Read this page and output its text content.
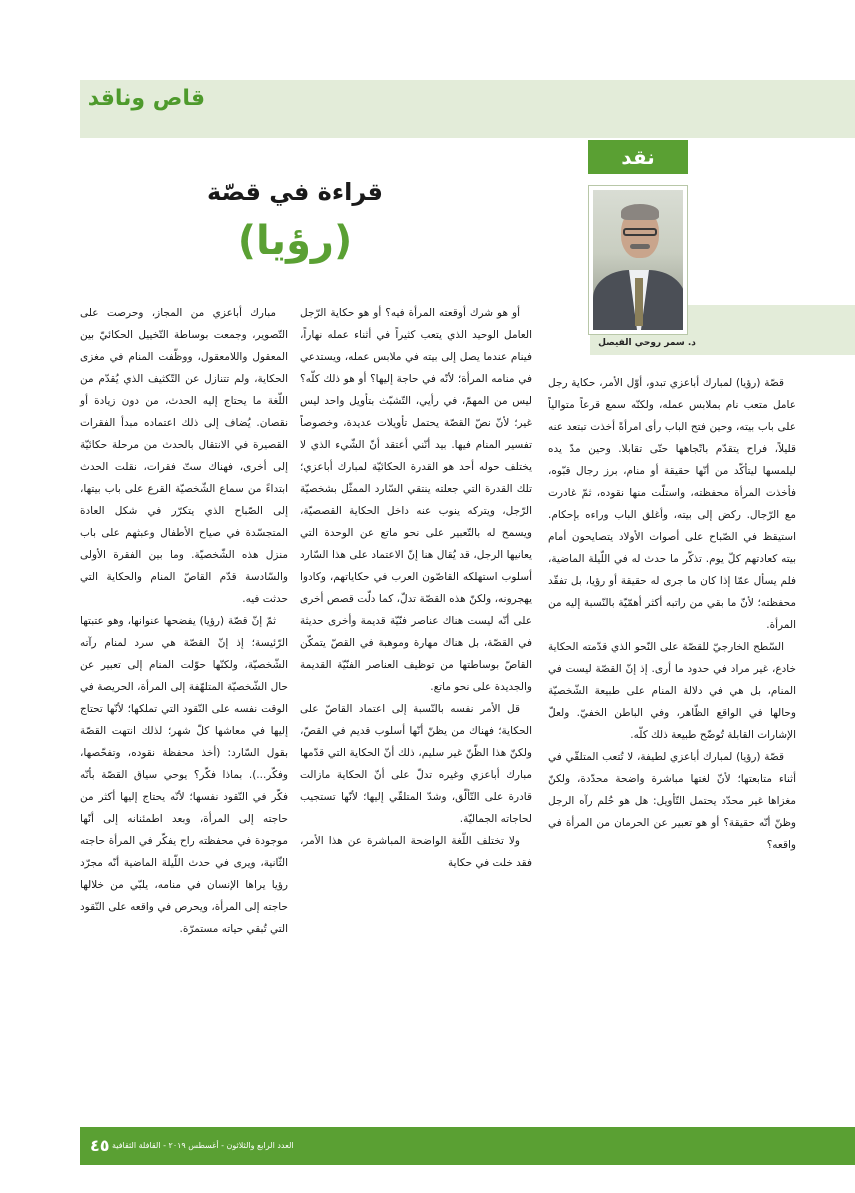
قاص وناقد
نقد
د. سمر روحي الفيصل
قراءة في قصّة
(رؤيا)

قصّة (رؤيا) لمبارك أباعزي تبدو، أوّل الأمر، حكاية رجل عامل متعب نام بملابس عمله، ولكنّه سمع قرعاً متوالياً على باب بيته، وحين فتح الباب رأى امرأةً أخذت تبتعد عنه قليلاً، فراح يتقدّم باتّجاهها حتّى تقابلا. وحين مدّ يده ليلمسها ليتأكّد من أنّها حقيقة أو منام، برز رجال قبّوه، فأخذت المرأة محفظته، واستلّت منها نقوده، ثمّ غادرت مع الرّجال. ركض إلى بيته، وأغلق الباب وراءه بإحكام. استيقظ في الصّباح على أصوات الأولاد يتصايحون أمام بيته كعادتهم كلّ يوم. تذكّر ما حدث له في اللّيلة الماضية، فلم يسأل عمّا إذا كان ما جرى له حقيقة أو رؤيا، بل تفقّد محفظته؛ لأنّ ما بقي من راتبه أكثر أهمّيّة بالنّسبة إليه من المرأة.

السّطح الخارجيّ للقصّة على النّحو الذي قدّمته الحكاية خادع، غير مراد في حدود ما أرى. إذ إنّ القصّة ليست في المنام، بل هي في دلالة المنام على طبيعة الشّخصيّة وحالها في الواقع الظّاهر، وفي الباطن الخفيّ. ولعلّ الإشارات القابلة تُوضّح طبيعة ذلك كلّه.

قصّة (رؤيا) لمبارك أباعزي لطيفة، لا تُتعب المتلقّي في أثناء متابعتها؛ لأنّ لغتها مباشرة واضحة محدّدة، ولكنّ مغزاها غير محدّد يحتمل التّأويل: هل هو حُلم رآه الرجل وظنّ أنّه حقيقة؟ أو هو تعبير عن الحرمان من المرأة في واقعه؟

أو هو شرك أوقعته المرأة فيه؟ أو هو حكاية الرّجل العامل الوحيد الذي يتعب كثيراً في أثناء عمله نهاراً، فينام عندما يصل إلى بيته في ملابس عمله، ويستدعي في منامه المرأة؛ لأنّه في حاجة إليها؟ أو هو ذلك كلّه؟ ليس من المهمّ، في رأيي، التّشبّث بتأويل واحد ليس غير؛ لأنّ نصّ القصّة يحتمل تأويلات عديدة، وخصوصاً تفسير المنام فيها. بيد أنّني أعتقد أنّ الشّيء الذي لا يختلف حوله أحد هو القدرة الحكائيّة لمبارك أباعزي؛ تلك القدرة التي جعلته ينتقي السّارد الممثّل بشخصيّة الرّجل، ويتركه ينوب عنه داخل الحكاية القصصيّة، ويسمح له بالتّعبير على نحو ماتع عن الوحدة التي يعانيها الرجل، قد يُقال هنا إنّ الاعتماد على هذا السّارد أسلوب استهلكه القاصّون العرب في حكاياتهم، وكادوا يهجرونه، ولكنّ هذه القصّة تدلّ، كما دلّت قصص أخرى على أنّه ليست هناك عناصر فنّيّة قديمة وأخرى حديثة في القصّة، بل هناك مهارة وموهبة في القصّ يتمكّن القاصّ بوساطتها من توظيف العناصر الفنّيّة القديمة والجديدة على نحو ماتع.

قل الأمر نفسه بالنّسبة إلى اعتماد القاصّ على الحكاية؛ فهناك من يظنّ أنّها أسلوب قديم في القصّ، ولكنّ هذا الظّنّ غير سليم، ذلك أنّ الحكاية التي قدّمها مبارك أباعزي وغيره تدلّ على أنّ الحكاية مازالت قادرة على التّألّق، وشدّ المتلقّي إليها؛ لأنّها تستجيب لحاجاته الجماليّة.

ولا تختلف اللّغة الواضحة المباشرة عن هذا الأمر، فقد خلت في حكاية

مبارك أباعزي من المجاز، وحرصت على التّصوير، وجمعت بوساطة التّخييل الحكائيّ بين المعقول واللامعقول، ووظّفت المنام في مغزى الحكاية، ولم تتنازل عن التّكثيف الذي يُقدّم من اللّغة ما يحتاج إليه الحدث، من دون زيادة أو نقصان. يُضاف إلى ذلك اعتماده مبدأ الفقرات القصيرة في الانتقال بالحدث من مرحلة حكائيّة إلى أخرى، فهناك ستّ فقرات، نقلت الحدث ابتداءً من سماع الشّخصيّة القرع على باب بيتها، إلى الصّباح الذي يتكرّر في شكل العادة المتجسّدة في صياح الأطفال وعبثهم على باب منزل هذه الشّخصيّة. وما بين الفقرة الأولى والسّادسة قدّم القاصّ المنام والحكاية التي حدثت فيه.

ثمّ إنّ قصّة (رؤيا) يفضحها عنوانها، وهو عتبتها الرّئيسة؛ إذ إنّ القصّة هي سرد لمنام رآته الشّخصيّة، ولكنّها حوّلت المنام إلى تعبير عن حال الشّخصيّة المتلهّفة إلى المرأة، الحريصة في الوقت نفسه على النّقود التي تملكها؛ لأنّها تحتاج إليها في معاشها كلّ شهر؛ لذلك انتهت القصّة بقول السّارد: (أخذ محفظة نقوده، وتفحّصها، وفكّر...). بماذا فكّر؟ يوحي سياق القصّة بأنّه فكّر في النّقود نفسها؛ لأنّه يحتاج إليها أكثر من حاجته إلى المرأة، وبعد اطمئنانه إلى أنّها موجودة في محفظته راح يفكّر في المرأة حاجته الثّانية، ويرى في حدث اللّيلة الماضية أنّه مجرّد رؤيا يراها الإنسان في منامه، يلبّي من خلالها حاجته إلى المرأة، ويحرص في واقعه على النّقود التي تُبقي حياته مستمرّة.

٤٥ العدد الرابع والثلاثون - أغسطس ٢٠١٩ - القافلة الثقافية
